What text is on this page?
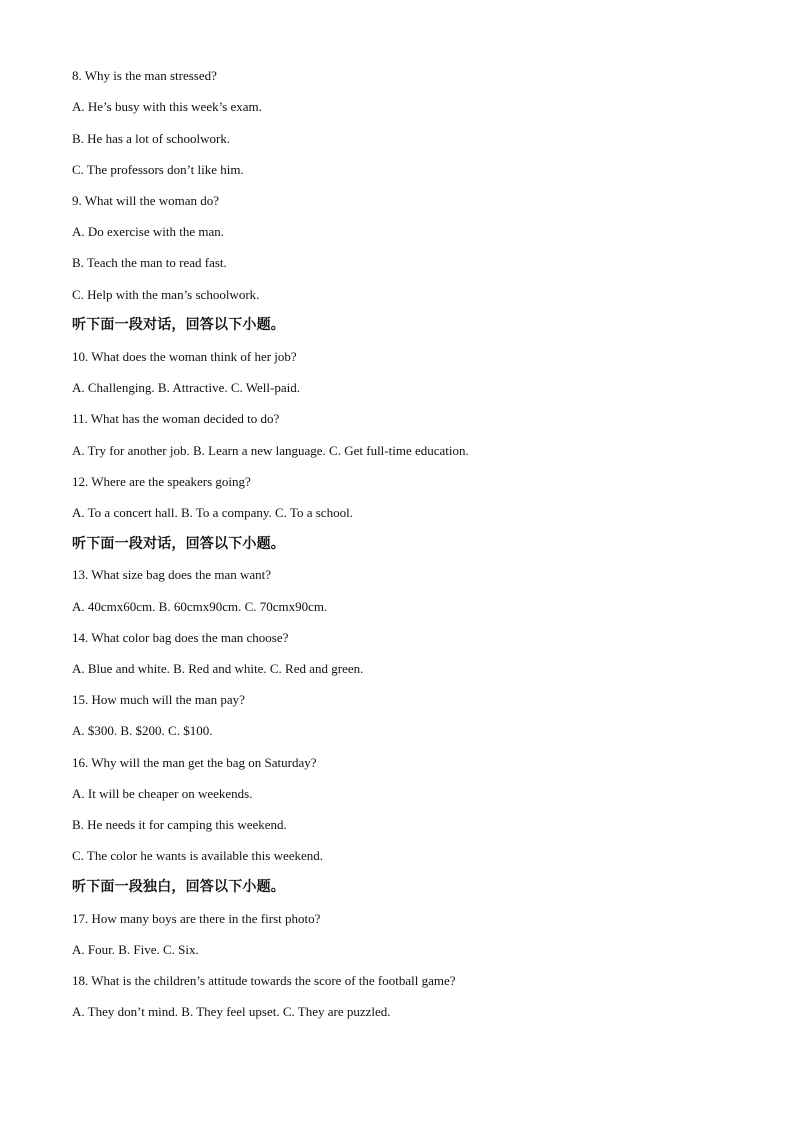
8. Why is the man stressed?
A. He’s busy with this week’s exam.
B. He has a lot of schoolwork.
C. The professors don’t like him.
9. What will the woman do?
A. Do exercise with the man.
B. Teach the man to read fast.
C. Help with the man’s schoolwork.
听下面一段对话，回答以下小题。
10. What does the woman think of her job?
A. Challenging. B. Attractive. C. Well-paid.
11. What has the woman decided to do?
A. Try for another job. B. Learn a new language. C. Get full-time education.
12. Where are the speakers going?
A. To a concert hall. B. To a company. C. To a school.
听下面一段对话，回答以下小题。
13. What size bag does the man want?
A. 40cmx60cm. B. 60cmx90cm. C. 70cmx90cm.
14. What color bag does the man choose?
A. Blue and white. B. Red and white. C. Red and green.
15. How much will the man pay?
A. $300. B. $200. C. $100.
16. Why will the man get the bag on Saturday?
A. It will be cheaper on weekends.
B. He needs it for camping this weekend.
C. The color he wants is available this weekend.
听下面一段独白，回答以下小题。
17. How many boys are there in the first photo?
A. Four. B. Five. C. Six.
18. What is the children’s attitude towards the score of the football game?
A. They don’t mind. B. They feel upset. C. They are puzzled.
